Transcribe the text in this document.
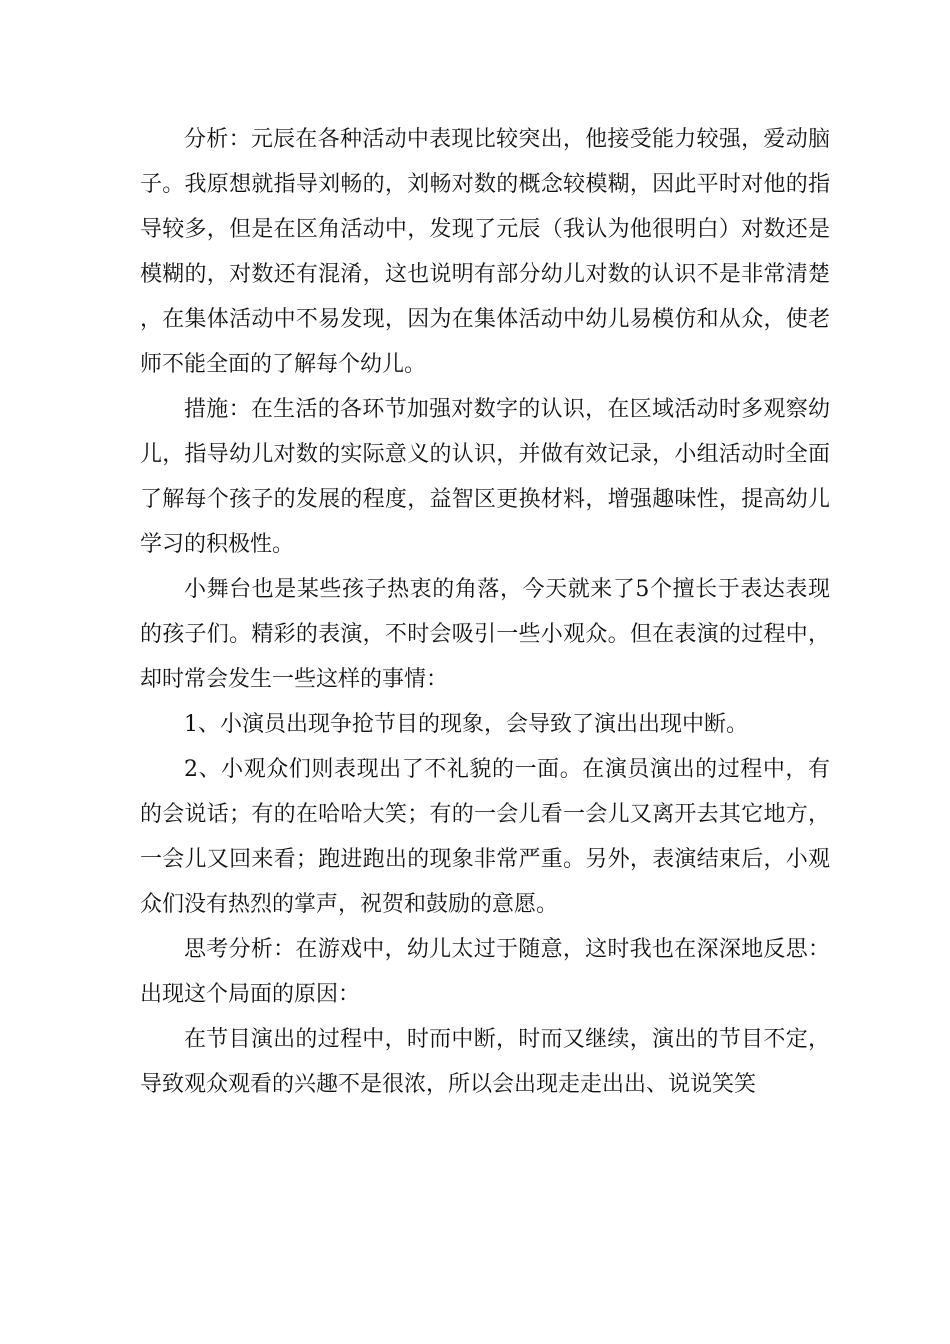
分析：元辰在各种活动中表现比较突出，他接受能力较强，爱动脑子。我原想就指导刘畅的，刘畅对数的概念较模糊，因此平时对他的指导较多，但是在区角活动中，发现了元辰（我认为他很明白）对数还是模糊的，对数还有混淆，这也说明有部分幼儿对数的认识不是非常清楚，在集体活动中不易发现，因为在集体活动中幼儿易模仿和从众，使老师不能全面的了解每个幼儿。

措施：在生活的各环节加强对数字的认识，在区域活动时多观察幼儿，指导幼儿对数的实际意义的认识，并做有效记录，小组活动时全面了解每个孩子的发展的程度，益智区更换材料，增强趣味性，提高幼儿学习的积极性。

小舞台也是某些孩子热衷的角落，今天就来了5个擅长于表达表现的孩子们。精彩的表演，不时会吸引一些小观众。但在表演的过程中，却时常会发生一些这样的事情：

1、小演员出现争抢节目的现象，会导致了演出出现中断。

2、小观众们则表现出了不礼貌的一面。在演员演出的过程中，有的会说话；有的在哈哈大笑；有的一会儿看一会儿又离开去其它地方，一会儿又回来看；跑进跑出的现象非常严重。另外，表演结束后，小观众们没有热烈的掌声，祝贺和鼓励的意愿。

思考分析：在游戏中，幼儿太过于随意，这时我也在深深地反思：出现这个局面的原因：

在节目演出的过程中，时而中断，时而又继续，演出的节目不定，导致观众观看的兴趣不是很浓，所以会出现走走出出、说说笑笑
